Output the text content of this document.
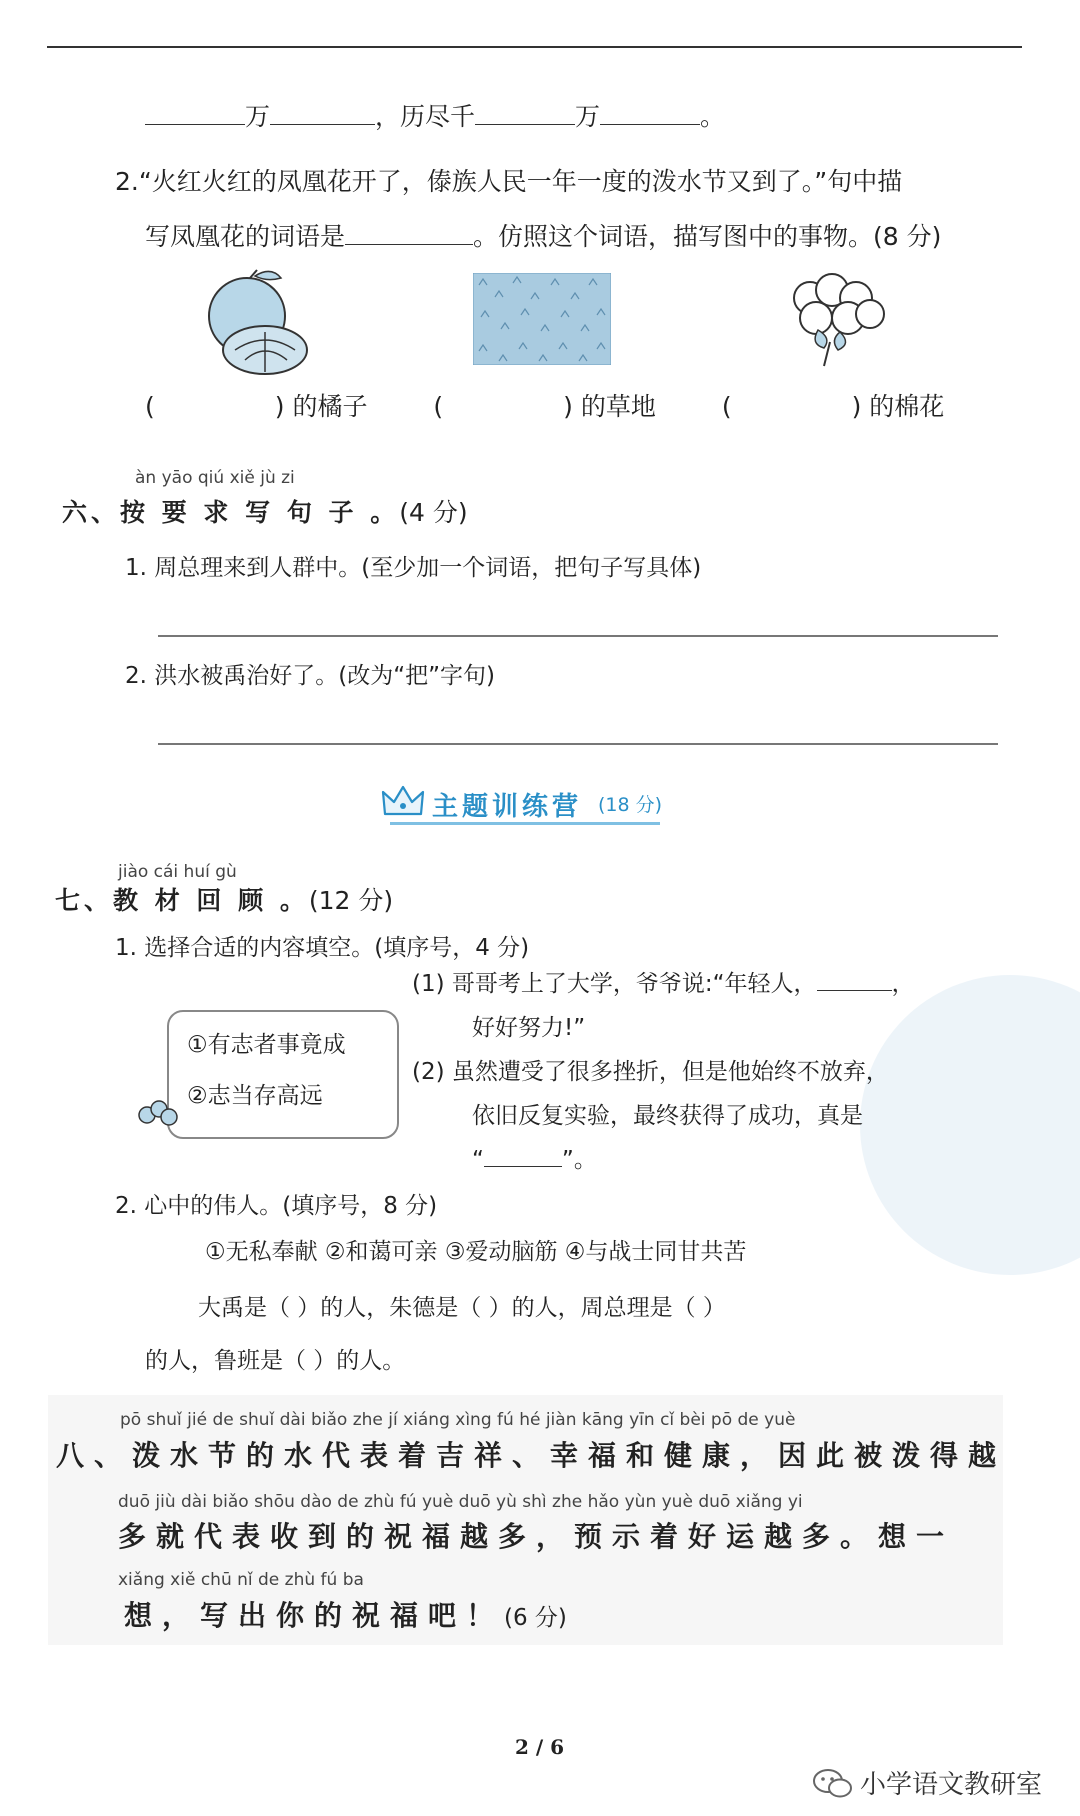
万	，历尽千	万	。
2.“火红火红的凤凰花开了，傣族人民一年一度的泼水节又到了。”句中描
写凤凰花的词语是	。仿照这个词语，描写图中的事物。(8 分)
(	) 的橘子	(	) 的草地	(	) 的棉花
àn yāo qiú xiě jù zi
六、按 要 求 写 句 子 。(4 分)
1. 周总理来到人群中。(至少加一个词语，把句子写具体)
2. 洪水被禹治好了。(改为“把”字句)
主题训练营 (18 分)
jiào cái huí gù
七、教 材 回 顾 。(12 分)
1. 选择合适的内容填空。(填序号，4 分)
①有志者事竟成
②志当存高远
(1) 哥哥考上了大学，爷爷说:“年轻人，	，
好好努力!”
(2) 虽然遭受了很多挫折，但是他始终不放弃，
依旧反复实验，最终获得了成功，真是
“	”。
2. 心中的伟人。(填序号，8 分)
①无私奉献 ②和蔼可亲 ③爱动脑筋 ④与战士同甘共苦
大禹是（ ）的人，朱德是（ ）的人，周总理是（ ）
的人，鲁班是（ ）的人。
pō shuǐ jié de shuǐ dài biǎo zhe jí xiáng xìng fú hé jiàn kāng yīn cǐ bèi pō de yuè
八、泼水节的水代表着吉祥、幸福和健康，因此被泼得越
duō jiù dài biǎo shōu dào de zhù fú yuè duō yù shì zhe hǎo yùn yuè duō xiǎng yi
多就代表收到的祝福越多，预示着好运越多。想一
xiǎng xiě chū nǐ de zhù fú ba
想，写出你的祝福吧！(6 分)
2 / 6
小学语文教研室
